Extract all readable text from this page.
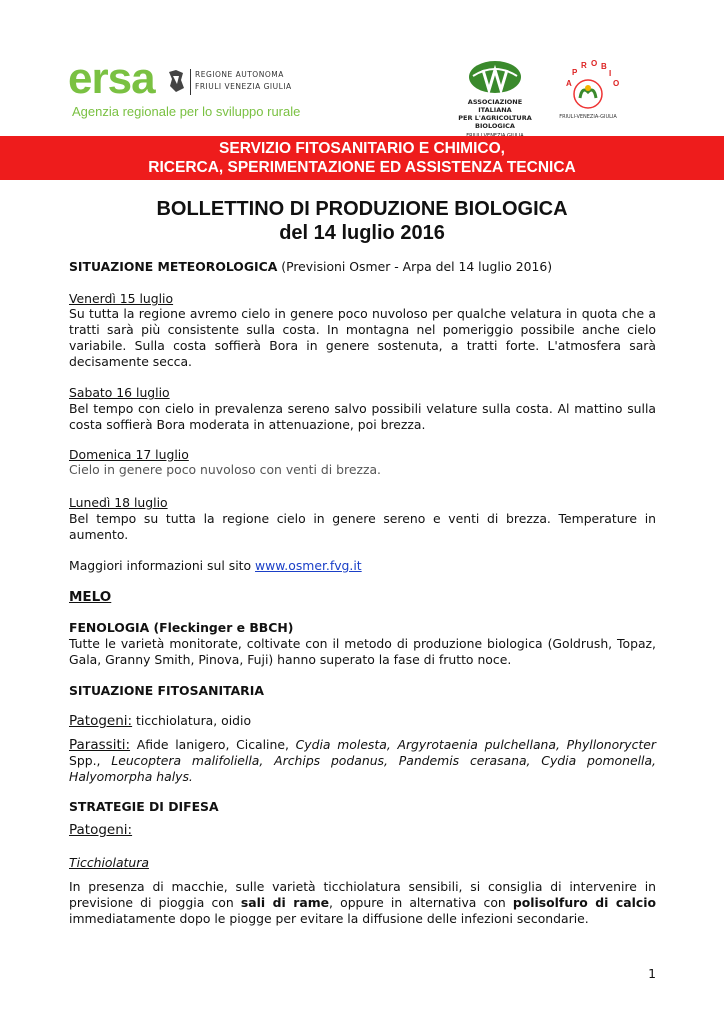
ersa	REGIONE AUTONOMA
FRIULI VENEZIA GIULIA
Agenzia regionale per lo sviluppo rurale
ASSOCIAZIONE ITALIANA
PER L'AGRICOLTURA BIOLOGICA
APR O BIO
FRIULI-VENEZIA-GIULIA
SERVIZIO FITOSANITARIO E CHIMICO,
RICERCA, SPERIMENTAZIONE ED ASSISTENZA TECNICA
BOLLETTINO DI PRODUZIONE BIOLOGICA
del 14 luglio 2016
SITUAZIONE METEOROLOGICA (Previsioni Osmer - Arpa del 14 luglio 2016)
Venerdì 15 luglio
Su tutta la regione avremo cielo in genere poco nuvoloso per qualche velatura in quota che a tratti sarà più consistente sulla costa. In montagna nel pomeriggio possibile anche cielo variabile. Sulla costa soffierà Bora in genere sostenuta, a tratti forte. L'atmosfera sarà decisamente secca.
Sabato 16 luglio
Bel tempo con cielo in prevalenza sereno salvo possibili velature sulla costa. Al mattino sulla costa soffierà Bora moderata in attenuazione, poi brezza.
Domenica 17 luglio
Cielo in genere poco nuvoloso con venti di brezza.
Lunedì 18 luglio
Bel tempo su tutta la regione cielo in genere sereno e venti di brezza. Temperature in aumento.
Maggiori informazioni sul sito www.osmer.fvg.it
MELO
FENOLOGIA (Fleckinger e BBCH)
Tutte le varietà monitorate, coltivate con il metodo di produzione biologica (Goldrush, Topaz, Gala, Granny Smith, Pinova, Fuji) hanno superato la fase di frutto noce.
SITUAZIONE FITOSANITARIA
Patogeni: ticchiolatura, oidio
Parassiti: Afide lanigero, Cicaline, Cydia molesta, Argyrotaenia pulchellana, Phyllonorycter Spp., Leucoptera malifoliella, Archips podanus, Pandemis cerasana, Cydia pomonella, Halyomorpha halys.
STRATEGIE DI DIFESA
Patogeni:
Ticchiolatura
In presenza di macchie, sulle varietà ticchiolatura sensibili, si consiglia di intervenire in previsione di pioggia con sali di rame, oppure in alternativa con polisolfuro di calcio immediatamente dopo le piogge per evitare la diffusione delle infezioni secondarie.
1
